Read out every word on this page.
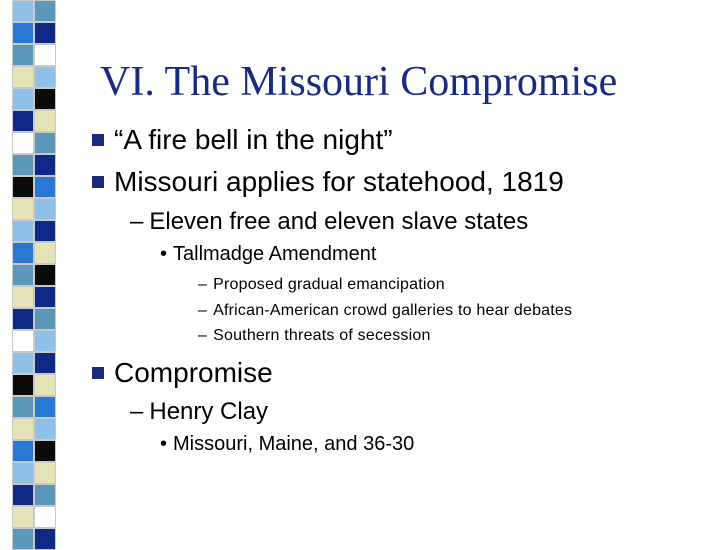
VI. The Missouri Compromise
“A fire bell in the night”
Missouri applies for statehood, 1819
– Eleven free and eleven slave states
• Tallmadge Amendment
– Proposed gradual emancipation
– African-American crowd galleries to hear debates
– Southern threats of secession
Compromise
– Henry Clay
• Missouri, Maine, and 36-30
